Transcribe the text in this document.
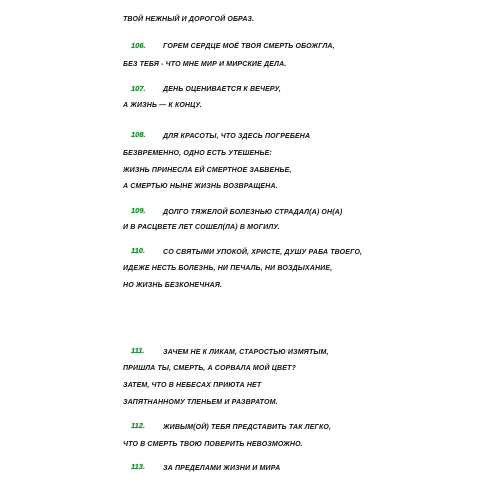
ТВОЙ НЕЖНЫЙ И ДОРОГОЙ ОБРАЗ.
106. ГОРЕМ СЕРДЦЕ МОЁ ТВОЯ СМЕРТЬ ОБОЖГЛА,
БЕЗ ТЕБЯ - ЧТО МНЕ МИР И МИРСКИЕ ДЕЛА.
107. ДЕНЬ ОЦЕНИВАЕТСЯ К ВЕЧЕРУ,
А ЖИЗНЬ — К КОНЦУ.
108. ДЛЯ КРАСОТЫ, ЧТО ЗДЕСЬ ПОГРЕБЕНА
БЕЗВРЕМЕННО, ОДНО ЕСТЬ УТЕШЕНЬЕ:
ЖИЗНЬ ПРИНЕСЛА ЕЙ СМЕРТНОЕ ЗАБВЕНЬЕ,
А СМЕРТЬЮ НЫНЕ ЖИЗНЬ ВОЗВРАЩЕНА.
109. ДОЛГО ТЯЖЕЛОЙ БОЛЕЗНЬЮ СТРАДАЛ(А) ОН(А)
И В РАСЦВЕТЕ ЛЕТ СОШЕЛ(ЛА) В МОГИЛУ.
110.	СО СВЯТЫМИ УПОКОЙ, ХРИСТЕ, ДУШУ РАБА ТВОЕГО,
ИДЕЖЕ НЕСТЬ БОЛЕЗНЬ, НИ ПЕЧАЛЬ, НИ ВОЗДЫХАНИЕ,
НО ЖИЗНЬ БЕЗКОНЕЧНАЯ.
111.	ЗАЧЕМ НЕ К ЛИКАМ, СТАРОСТЬЮ ИЗМЯТЫМ,
ПРИШЛА ТЫ, СМЕРТЬ, А СОРВАЛА МОЙ ЦВЕТ?
ЗАТЕМ, ЧТО В НЕБЕСАХ ПРИЮТА НЕТ
ЗАПЯТНАННОМУ ТЛЕНЬЕМ И РАЗВРАТОМ.
112.	ЖИВЫМ(ОЙ) ТЕБЯ ПРЕДСТАВИТЬ ТАК ЛЕГКО,
ЧТО В СМЕРТЬ ТВОЮ ПОВЕРИТЬ НЕВОЗМОЖНО.
113.	ЗА ПРЕДЕЛАМИ ЖИЗНИ И МИРА
